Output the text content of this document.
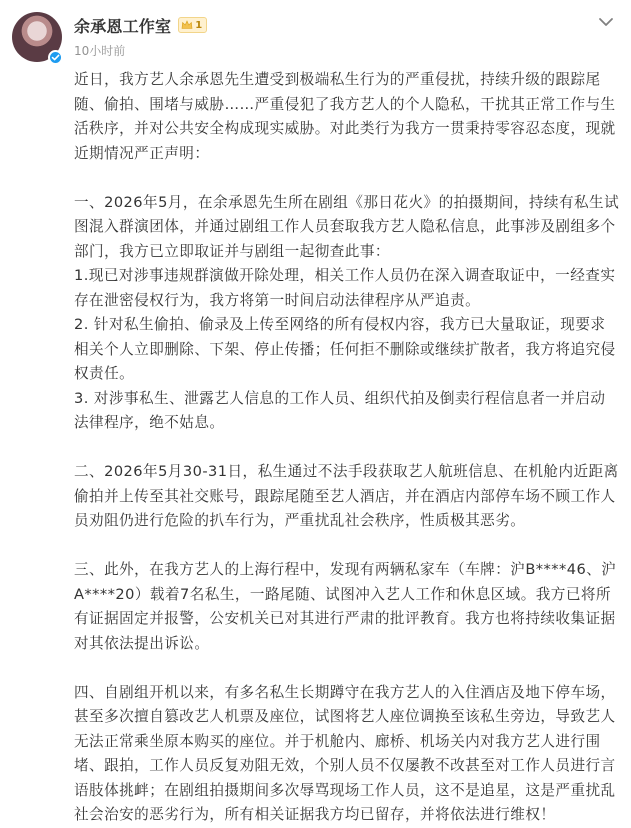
余承恩工作室 1
10小时前

近日，我方艺人余承恩先生遭受到极端私生行为的严重侵扰，持续升级的跟踪尾随、偷拍、围堵与威胁……严重侵犯了我方艺人的个人隐私，干扰其正常工作与生活秩序，并对公共安全构成现实威胁。对此类行为我方一贯秉持零容忍态度，现就近期情况严正声明：

一、2026年5月，在余承恩先生所在剧组《那日花火》的拍摄期间，持续有私生试图混入群演团体，并通过剧组工作人员套取我方艺人隐私信息，此事涉及剧组多个部门，我方已立即取证并与剧组一起彻查此事：
1.现已对涉事违规群演做开除处理，相关工作人员仍在深入调查取证中，一经查实存在泄密侵权行为，我方将第一时间启动法律程序从严追责。
2. 针对私生偷拍、偷录及上传至网络的所有侵权内容，我方已大量取证，现要求相关个人立即删除、下架、停止传播；任何拒不删除或继续扩散者，我方将追究侵权责任。
3. 对涉事私生、泄露艺人信息的工作人员、组织代拍及倒卖行程信息者一并启动法律程序，绝不姑息。

二、2026年5月30-31日，私生通过不法手段获取艺人航班信息、在机舱内近距离偷拍并上传至其社交账号，跟踪尾随至艺人酒店，并在酒店内部停车场不顾工作人员劝阻仍进行危险的扒车行为，严重扰乱社会秩序，性质极其恶劣。

三、此外，在我方艺人的上海行程中，发现有两辆私家车（车牌：沪B****46、沪A****20）载着7名私生，一路尾随、试图冲入艺人工作和休息区域。我方已将所有证据固定并报警，公安机关已对其进行严肃的批评教育。我方也将持续收集证据对其依法提出诉讼。

四、自剧组开机以来，有多名私生长期蹲守在我方艺人的入住酒店及地下停车场，甚至多次擅自篡改艺人机票及座位，试图将艺人座位调换至该私生旁边，导致艺人无法正常乘坐原本购买的座位。并于机舱内、廊桥、机场关内对我方艺人进行围堵、跟拍，工作人员反复劝阻无效，个别人员不仅屡教不改甚至对工作人员进行言语肢体挑衅；在剧组拍摄期间多次辱骂现场工作人员，这不是追星，这是严重扰乱社会治安的恶劣行为，所有相关证据我方均已留存，并将依法进行维权！
